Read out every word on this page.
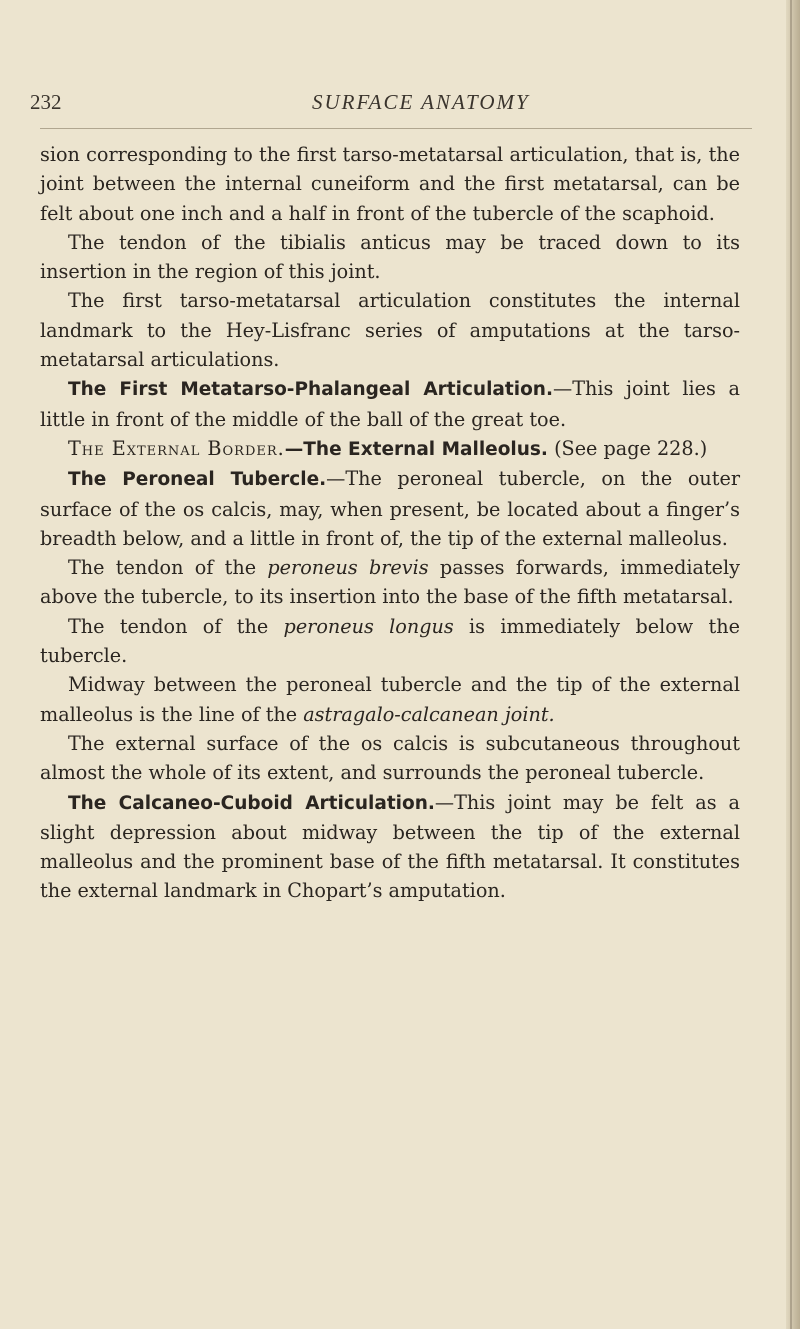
232	SURFACE ANATOMY

sion corresponding to the first tarso-metatarsal articulation, that is, the joint between the internal cuneiform and the first metatarsal, can be felt about one inch and a half in front of the tubercle of the scaphoid.

The tendon of the tibialis anticus may be traced down to its insertion in the region of this joint.

The first tarso-metatarsal articulation constitutes the internal landmark to the Hey-Lisfranc series of amputations at the tarso-metatarsal articulations.

The First Metatarso-Phalangeal Articulation.—This joint lies a little in front of the middle of the ball of the great toe.

The External Border.—The External Malleolus. (See page 228.)

The Peroneal Tubercle.—The peroneal tubercle, on the outer surface of the os calcis, may, when present, be located about a finger’s breadth below, and a little in front of, the tip of the external malleolus.

The tendon of the peroneus brevis passes forwards, immediately above the tubercle, to its insertion into the base of the fifth metatarsal.

The tendon of the peroneus longus is immediately below the tubercle.

Midway between the peroneal tubercle and the tip of the external malleolus is the line of the astragalo-calcanean joint.

The external surface of the os calcis is subcutaneous throughout almost the whole of its extent, and surrounds the peroneal tubercle.

The Calcaneo-Cuboid Articulation.—This joint may be felt as a slight depression about midway between the tip of the external malleolus and the prominent base of the fifth metatarsal. It constitutes the external landmark in Chopart’s amputation.
